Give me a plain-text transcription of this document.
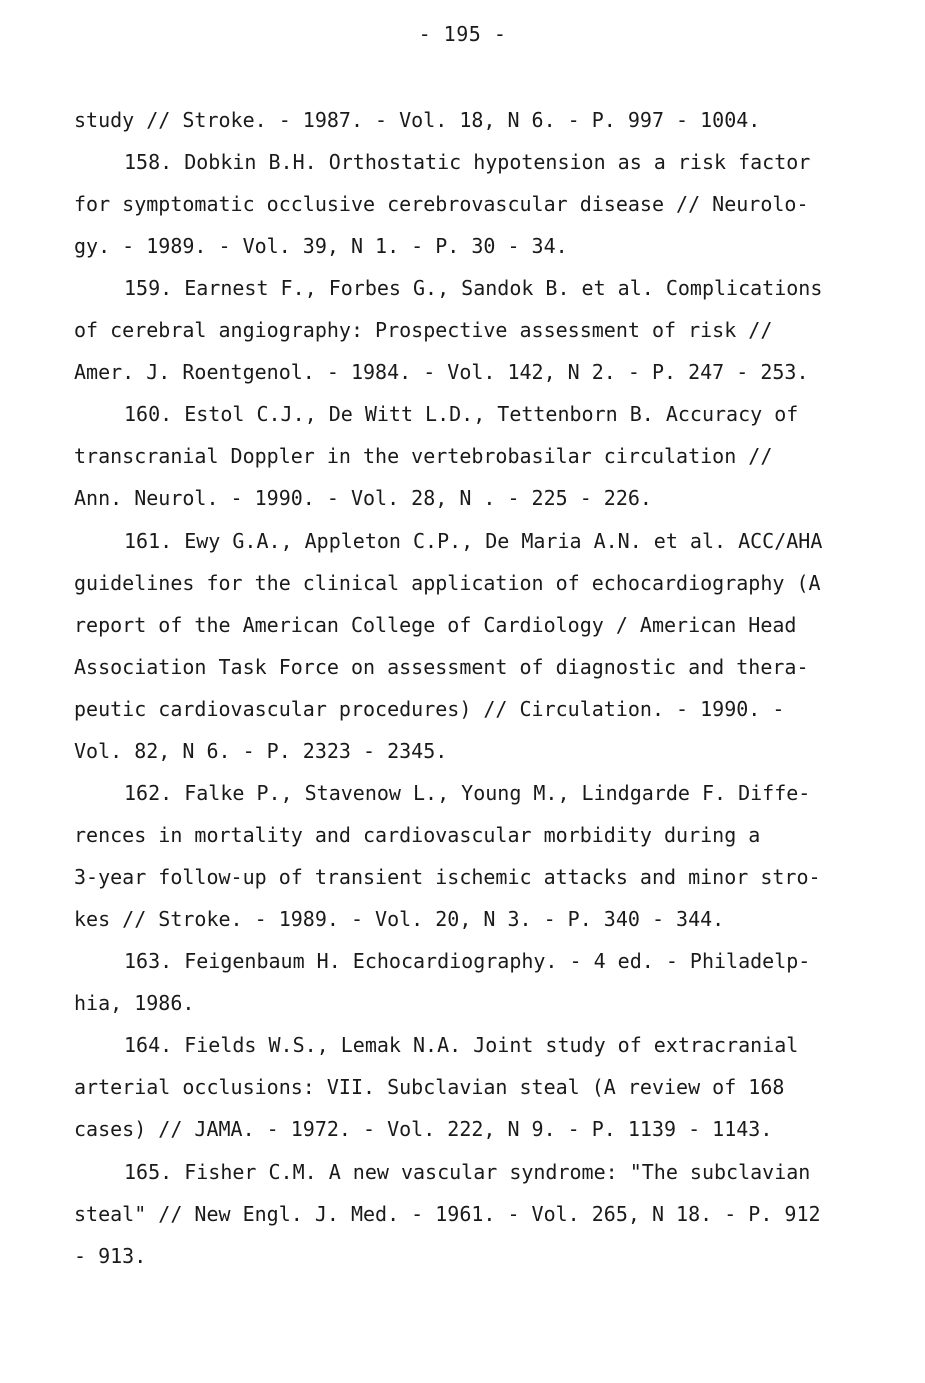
- 195 -
study // Stroke. - 1987. - Vol. 18, N 6. - P. 997 - 1004.
158. Dobkin B.H. Orthostatic hypotension as a risk factor
for symptomatic occlusive cerebrovascular disease // Neurolo-
gy. - 1989. - Vol. 39, N 1. - P. 30 - 34.
159. Earnest F., Forbes G., Sandok B. et al. Complications
of cerebral angiography: Prospective assessment of risk //
Amer. J. Roentgenol. - 1984. - Vol. 142, N 2. - P. 247 - 253.
160. Estol C.J., De Witt L.D., Tettenborn B. Accuracy of
transcranial Doppler in the vertebrobasilar circulation //
Ann. Neurol. - 1990. - Vol. 28, N . - 225 - 226.
161. Ewy G.A., Appleton C.P., De Maria A.N. et al. ACC/AHA
guidelines for the clinical application of echocardiography (A
report of the American College of Cardiology / American Head
Association Task Force on assessment of diagnostic and thera-
peutic cardiovascular procedures) // Circulation. - 1990. -
Vol. 82, N 6. - P. 2323 - 2345.
162. Falke P., Stavenow L., Young M., Lindgarde F. Diffe-
rences in mortality and cardiovascular morbidity during a
3-year follow-up of transient ischemic attacks and minor stro-
kes // Stroke. - 1989. - Vol. 20, N 3. - P. 340 - 344.
163. Feigenbaum H. Echocardiography. - 4 ed. - Philadelp-
hia, 1986.
164. Fields W.S., Lemak N.A. Joint study of extracranial
arterial occlusions: VII. Subclavian steal (A review of 168
cases) // JAMA. - 1972. - Vol. 222, N 9. - P. 1139 - 1143.
165. Fisher C.M. A new vascular syndrome: "The subclavian
steal" // New Engl. J. Med. - 1961. - Vol. 265, N 18. - P. 912
- 913.
